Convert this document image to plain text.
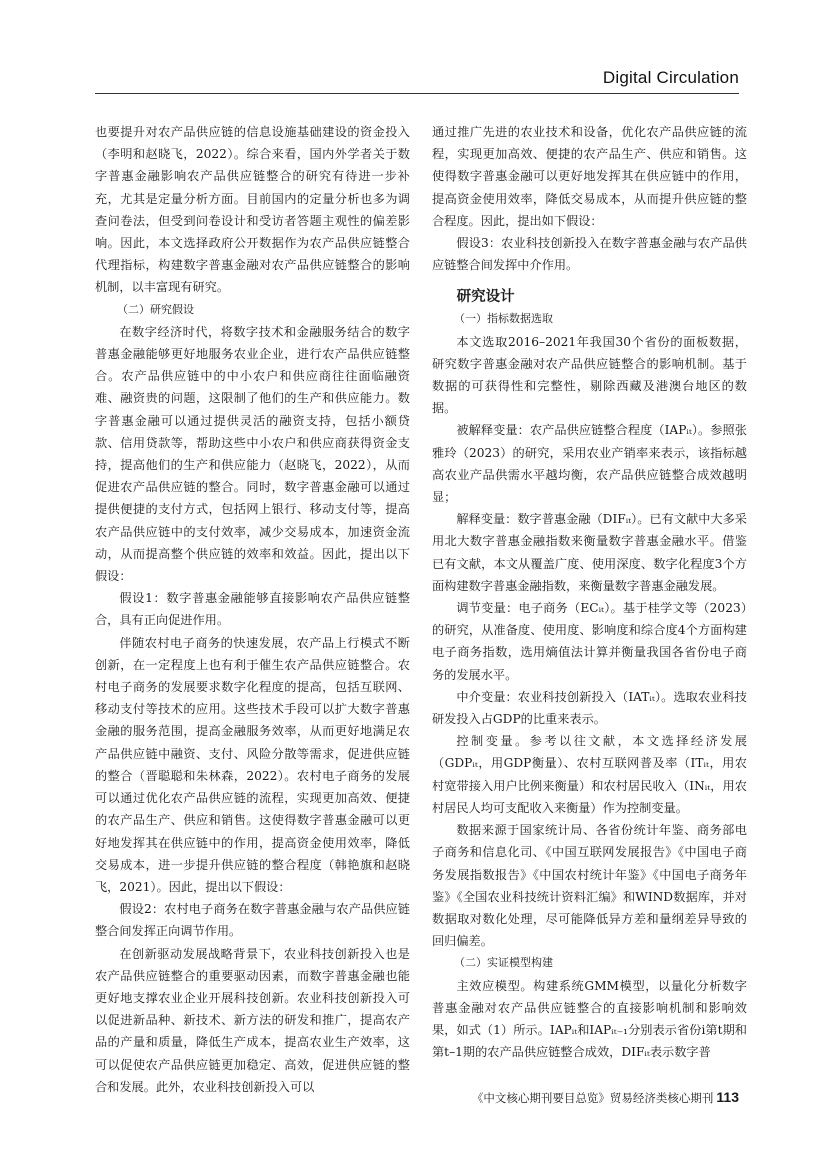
Digital Circulation

也要提升对农产品供应链的信息设施基础建设的资金投入（李明和赵晓飞，2022）。综合来看，国内外学者关于数字普惠金融影响农产品供应链整合的研究有待进一步补充，尤其是定量分析方面。目前国内的定量分析也多为调查问卷法，但受到问卷设计和受访者答题主观性的偏差影响。因此，本文选择政府公开数据作为农产品供应链整合代理指标，构建数字普惠金融对农产品供应链整合的影响机制，以丰富现有研究。

（二）研究假设

在数字经济时代，将数字技术和金融服务结合的数字普惠金融能够更好地服务农业企业，进行农产品供应链整合。农产品供应链中的中小农户和供应商往往面临融资难、融资贵的问题，这限制了他们的生产和供应能力。数字普惠金融可以通过提供灵活的融资支持，包括小额贷款、信用贷款等，帮助这些中小农户和供应商获得资金支持，提高他们的生产和供应能力（赵晓飞，2022），从而促进农产品供应链的整合。同时，数字普惠金融可以通过提供便捷的支付方式，包括网上银行、移动支付等，提高农产品供应链中的支付效率，减少交易成本，加速资金流动，从而提高整个供应链的效率和效益。因此，提出以下假设：

假设1：数字普惠金融能够直接影响农产品供应链整合，具有正向促进作用。

伴随农村电子商务的快速发展，农产品上行模式不断创新，在一定程度上也有利于催生农产品供应链整合。农村电子商务的发展要求数字化程度的提高，包括互联网、移动支付等技术的应用。这些技术手段可以扩大数字普惠金融的服务范围，提高金融服务效率，从而更好地满足农产品供应链中融资、支付、风险分散等需求，促进供应链的整合（晋聪聪和朱林森，2022）。农村电子商务的发展可以通过优化农产品供应链的流程，实现更加高效、便捷的农产品生产、供应和销售。这使得数字普惠金融可以更好地发挥其在供应链中的作用，提高资金使用效率，降低交易成本，进一步提升供应链的整合程度（韩艳旗和赵晓飞，2021）。因此，提出以下假设：

假设2：农村电子商务在数字普惠金融与农产品供应链整合间发挥正向调节作用。

在创新驱动发展战略背景下，农业科技创新投入也是农产品供应链整合的重要驱动因素，而数字普惠金融也能更好地支撑农业企业开展科技创新。农业科技创新投入可以促进新品种、新技术、新方法的研发和推广，提高农产品的产量和质量，降低生产成本，提高农业生产效率，这可以促使农产品供应链更加稳定、高效，促进供应链的整合和发展。此外，农业科技创新投入可以

通过推广先进的农业技术和设备，优化农产品供应链的流程，实现更加高效、便捷的农产品生产、供应和销售。这使得数字普惠金融可以更好地发挥其在供应链中的作用，提高资金使用效率，降低交易成本，从而提升供应链的整合程度。因此，提出如下假设：

假设3：农业科技创新投入在数字普惠金融与农产品供应链整合间发挥中介作用。

研究设计
（一）指标数据选取

本文选取2016–2021年我国30个省份的面板数据，研究数字普惠金融对农产品供应链整合的影响机制。基于数据的可获得性和完整性，剔除西藏及港澳台地区的数据。

被解释变量：农产品供应链整合程度（IAPᵢₜ）。参照张雅玲（2023）的研究，采用农业产销率来表示，该指标越高农业产品供需水平越均衡，农产品供应链整合成效越明显；

解释变量：数字普惠金融（DIFᵢₜ）。已有文献中大多采用北大数字普惠金融指数来衡量数字普惠金融水平。借鉴已有文献，本文从覆盖广度、使用深度、数字化程度3个方面构建数字普惠金融指数，来衡量数字普惠金融发展。

调节变量：电子商务（ECᵢₜ）。基于桂学文等（2023）的研究，从准备度、使用度、影响度和综合度4个方面构建电子商务指数，选用熵值法计算并衡量我国各省份电子商务的发展水平。

中介变量：农业科技创新投入（IATᵢₜ）。选取农业科技研发投入占GDP的比重来表示。

控制变量。参考以往文献，本文选择经济发展（GDPᵢₜ，用GDP衡量）、农村互联网普及率（ITᵢₜ，用农村宽带接入用户比例来衡量）和农村居民收入（INᵢₜ，用农村居民人均可支配收入来衡量）作为控制变量。

数据来源于国家统计局、各省份统计年鉴、商务部电子商务和信息化司、《中国互联网发展报告》《中国电子商务发展指数报告》《中国农村统计年鉴》《中国电子商务年鉴》《全国农业科技统计资料汇编》和WIND数据库，并对数据取对数化处理，尽可能降低异方差和量纲差异导致的回归偏差。

（二）实证模型构建

主效应模型。构建系统GMM模型，以量化分析数字普惠金融对农产品供应链整合的直接影响机制和影响效果，如式（1）所示。IAPᵢₜ和IAPᵢₜ₋₁分别表示省份i第t期和第t–1期的农产品供应链整合成效，DIFᵢₜ表示数字普

《中文核心期刊要目总览》贸易经济类核心期刊 113
